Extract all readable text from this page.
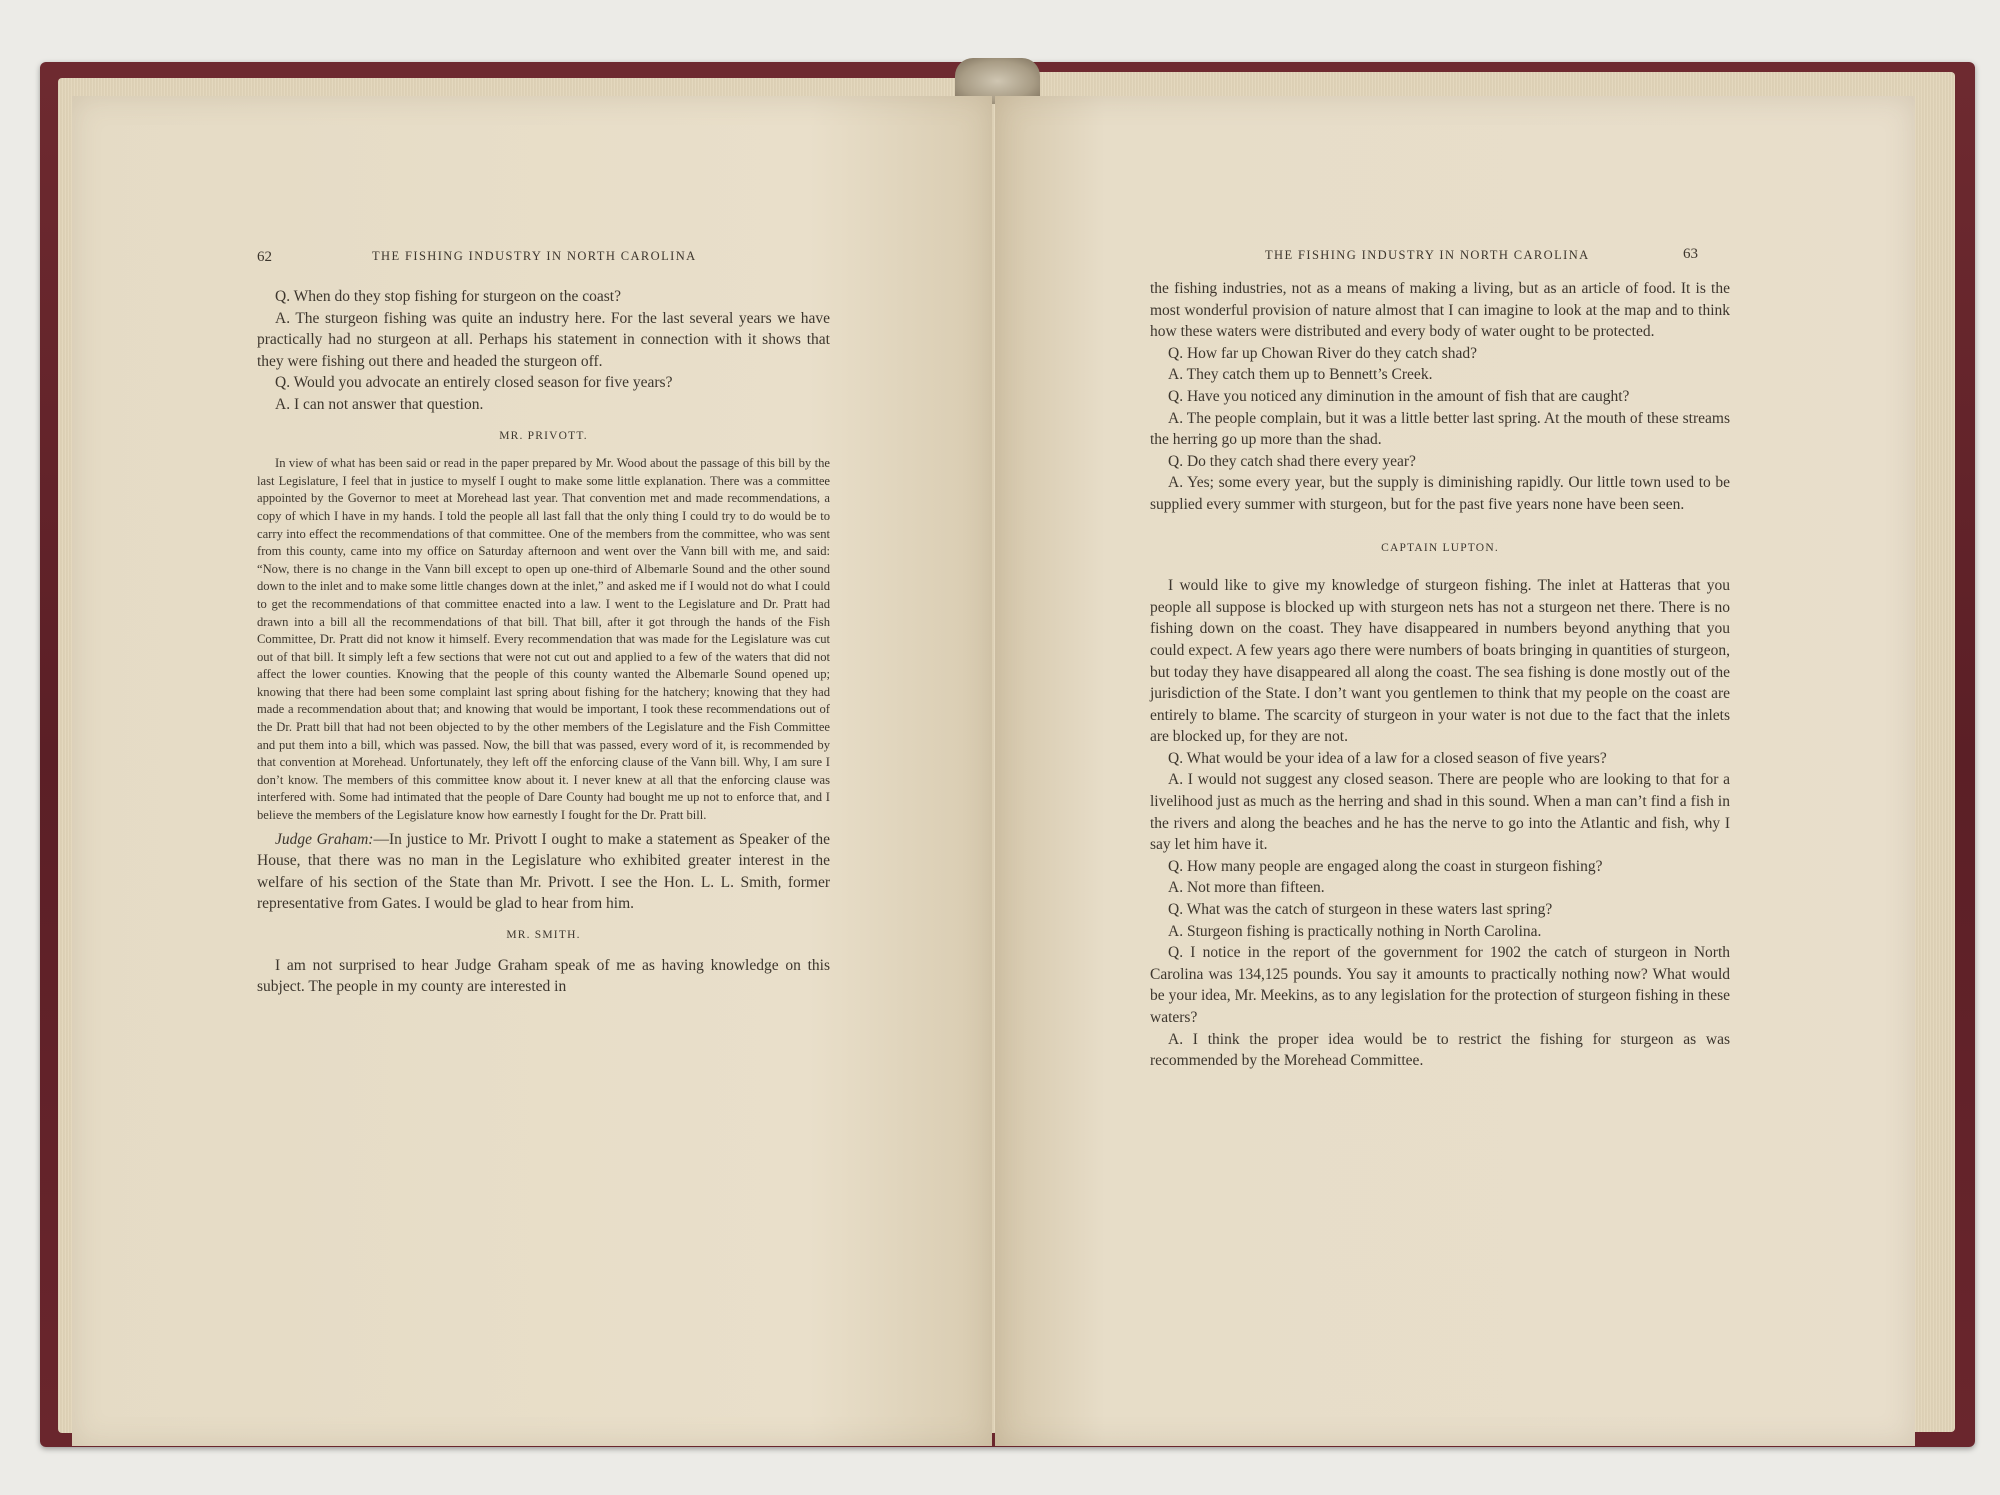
62	THE FISHING INDUSTRY IN NORTH CAROLINA

Q. When do they stop fishing for sturgeon on the coast?

A. The sturgeon fishing was quite an industry here. For the last several years we have practically had no sturgeon at all. Perhaps his statement in connection with it shows that they were fishing out there and headed the sturgeon off.

Q. Would you advocate an entirely closed season for five years?

A. I can not answer that question.

MR. PRIVOTT.

In view of what has been said or read in the paper prepared by Mr. Wood about the passage of this bill by the last Legislature, I feel that in justice to myself I ought to make some little explanation. There was a committee appointed by the Governor to meet at Morehead last year. That convention met and made recommendations, a copy of which I have in my hands. I told the people all last fall that the only thing I could try to do would be to carry into effect the recommendations of that committee. One of the members from the committee, who was sent from this county, came into my office on Saturday afternoon and went over the Vann bill with me, and said: “Now, there is no change in the Vann bill except to open up one-third of Albemarle Sound and the other sound down to the inlet and to make some little changes down at the inlet,” and asked me if I would not do what I could to get the recommendations of that committee enacted into a law. I went to the Legislature and Dr. Pratt had drawn into a bill all the recommendations of that bill. That bill, after it got through the hands of the Fish Committee, Dr. Pratt did not know it himself. Every recommendation that was made for the Legislature was cut out of that bill. It simply left a few sections that were not cut out and applied to a few of the waters that did not affect the lower counties. Knowing that the people of this county wanted the Albemarle Sound opened up; knowing that there had been some complaint last spring about fishing for the hatchery; knowing that they had made a recommendation about that; and knowing that would be important, I took these recommendations out of the Dr. Pratt bill that had not been objected to by the other members of the Legislature and the Fish Committee and put them into a bill, which was passed. Now, the bill that was passed, every word of it, is recommended by that convention at Morehead. Unfortunately, they left off the enforcing clause of the Vann bill. Why, I am sure I don’t know. The members of this committee know about it. I never knew at all that the enforcing clause was interfered with. Some had intimated that the people of Dare County had bought me up not to enforce that, and I believe the members of the Legislature know how earnestly I fought for the Dr. Pratt bill.

Judge Graham:—In justice to Mr. Privott I ought to make a statement as Speaker of the House, that there was no man in the Legislature who exhibited greater interest in the welfare of his section of the State than Mr. Privott. I see the Hon. L. L. Smith, former representative from Gates. I would be glad to hear from him.

MR. SMITH.

I am not surprised to hear Judge Graham speak of me as having knowledge on this subject. The people in my county are interested in

THE FISHING INDUSTRY IN NORTH CAROLINA	63

the fishing industries, not as a means of making a living, but as an article of food. It is the most wonderful provision of nature almost that I can imagine to look at the map and to think how these waters were distributed and every body of water ought to be protected.

Q. How far up Chowan River do they catch shad?

A. They catch them up to Bennett’s Creek.

Q. Have you noticed any diminution in the amount of fish that are caught?

A. The people complain, but it was a little better last spring. At the mouth of these streams the herring go up more than the shad.

Q. Do they catch shad there every year?

A. Yes; some every year, but the supply is diminishing rapidly. Our little town used to be supplied every summer with sturgeon, but for the past five years none have been seen.

CAPTAIN LUPTON.

I would like to give my knowledge of sturgeon fishing. The inlet at Hatteras that you people all suppose is blocked up with sturgeon nets has not a sturgeon net there. There is no fishing down on the coast. They have disappeared in numbers beyond anything that you could expect. A few years ago there were numbers of boats bringing in quantities of sturgeon, but today they have disappeared all along the coast. The sea fishing is done mostly out of the jurisdiction of the State. I don’t want you gentlemen to think that my people on the coast are entirely to blame. The scarcity of sturgeon in your water is not due to the fact that the inlets are blocked up, for they are not.

Q. What would be your idea of a law for a closed season of five years?

A. I would not suggest any closed season. There are people who are looking to that for a livelihood just as much as the herring and shad in this sound. When a man can’t find a fish in the rivers and along the beaches and he has the nerve to go into the Atlantic and fish, why I say let him have it.

Q. How many people are engaged along the coast in sturgeon fishing?

A. Not more than fifteen.

Q. What was the catch of sturgeon in these waters last spring?

A. Sturgeon fishing is practically nothing in North Carolina.

Q. I notice in the report of the government for 1902 the catch of sturgeon in North Carolina was 134,125 pounds. You say it amounts to practically nothing now? What would be your idea, Mr. Meekins, as to any legislation for the protection of sturgeon fishing in these waters?

A. I think the proper idea would be to restrict the fishing for sturgeon as was recommended by the Morehead Committee.
